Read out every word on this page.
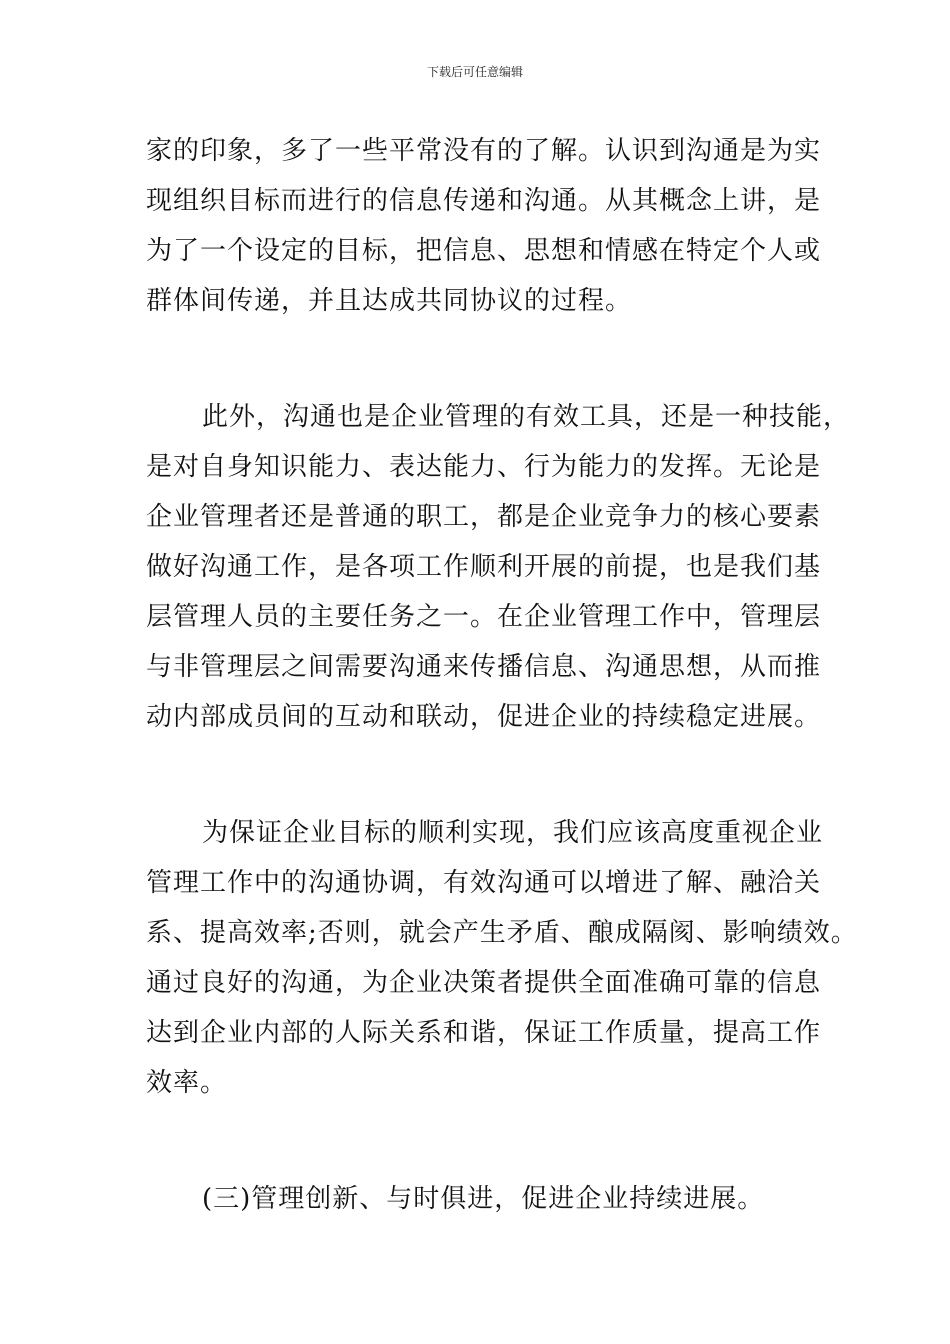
下载后可任意编辑

家的印象，多了一些平常没有的了解。认识到沟通是为实
现组织目标而进行的信息传递和沟通。从其概念上讲，是
为了一个设定的目标，把信息、思想和情感在特定个人或
群体间传递，并且达成共同协议的过程。

此外，沟通也是企业管理的有效工具，还是一种技能，
是对自身知识能力、表达能力、行为能力的发挥。无论是
企业管理者还是普通的职工，都是企业竞争力的核心要素
做好沟通工作，是各项工作顺利开展的前提，也是我们基
层管理人员的主要任务之一。在企业管理工作中，管理层
与非管理层之间需要沟通来传播信息、沟通思想，从而推
动内部成员间的互动和联动，促进企业的持续稳定进展。

为保证企业目标的顺利实现，我们应该高度重视企业
管理工作中的沟通协调，有效沟通可以增进了解、融洽关
系、提高效率;否则，就会产生矛盾、酿成隔阂、影响绩效。
通过良好的沟通，为企业决策者提供全面准确可靠的信息
达到企业内部的人际关系和谐，保证工作质量，提高工作
效率。

(三)管理创新、与时俱进，促进企业持续进展。
